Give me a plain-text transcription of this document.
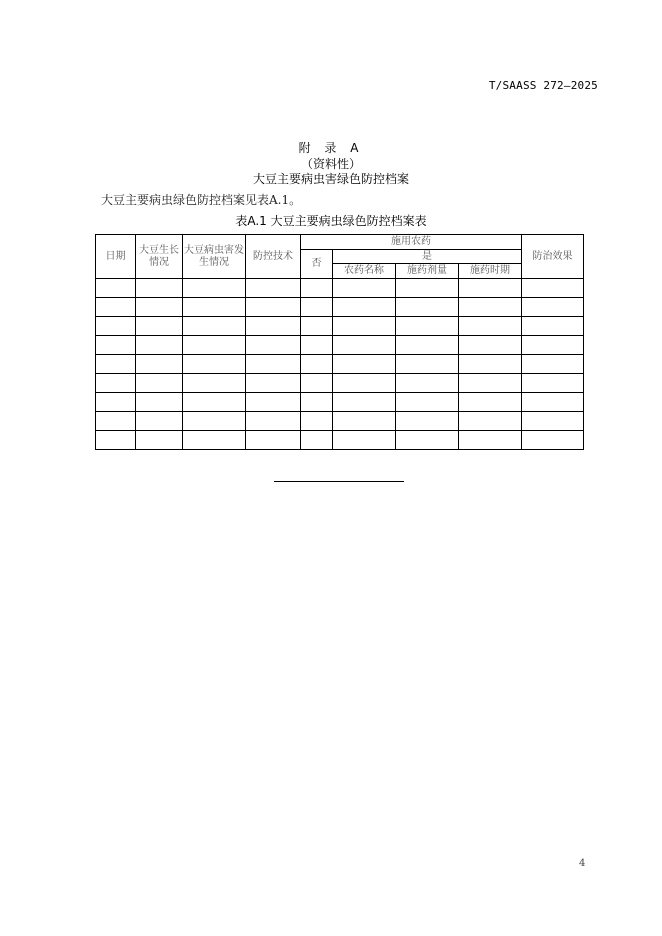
T/SAASS 272—2025
附 录 A
（资料性）
大豆主要病虫害绿色防控档案
大豆主要病虫绿色防控档案见表A.1。
表A.1 大豆主要病虫绿色防控档案表
日期	大豆生长情况	大豆病虫害发生情况	防控技术	施用农药				防治效果
				否	是			
					农药名称	施药剂量	施药时期	

4
